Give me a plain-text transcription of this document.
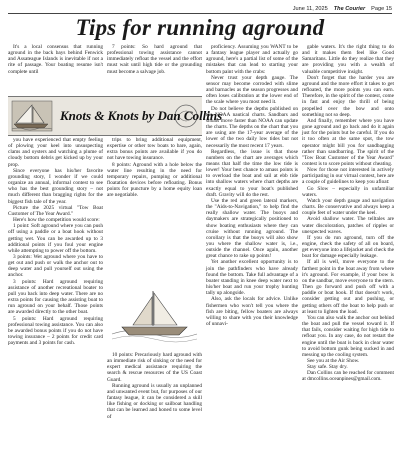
June 11, 2025 The Courier Page 15
Tips for running aground

It's a local consensus that running aground in the back bays behind Fenwick and Assateague Islands is inevitable if not a rite of passage. Your boating resume isn't complete until

7 points: So hard aground that professional towing assistance cannot immediately refloat the vessel and the effort must wait until high tide or the grounding must become a salvage job.

Knots & Knots by Dan Collins

you have experienced that empty feeling of plowing your keel into unsuspecting clams and oysters and watching a plume of cloudy bottom debris get kicked up by your prop.

Since everyone has his/her favorite grounding story, I wonder if we could organize an annual, informal contest to see who has the best grounding story – not much different than bragging rights for the biggest fish tale of the year.

Picture the 2025 virtual "Tow Boat Customer of The Year Award."

Here's how the competition would score:

1 point: Soft aground where you can push off using a paddle or a boat hook without getting wet. You can be awarded up to 3 additional points if you foul your engine while attempting to power off the bottom.

3 points: Wet aground where you have to get out and push or walk the anchor out to deep water and pull yourself out using the anchor.

3 points: Hard aground requiring assistance of another recreational boater to pull you back into deep water. There are no extra points for causing the assisting boat to run aground on your behalf. Those points are awarded directly to the other boat.

5 points: Hard aground requiring professional towing assistance. You can also be awarded bonus points if you do not have towing insurance – 2 points for credit card payments and 3 points for cash.

trips to bring additional equipment, expertise or other tow boats to bare, again, extra bonus points are available if you do not have towing insurance.

8 points: Aground with a hole below the water line resulting in the need for temporary repairs, pumping or additional floatation devices before refloating. Bonus points for puncture by a home equity loan are negotiable.

10 points: Precariously hard aground with an immediate risk of sinking or the need for expert medical assistance requiring the search & rescue resources of the US Coast Guard.

Running aground is usually an unplanned and unwanted event but, for purposes of our fantasy league, it can be considered a skill like fishing or docking or sailboat handling that can be learned and honed to some level of

proficiency. Assuming you WANT to be a fantasy league player and actually go aground, here's a partial list of some of the mistakes that can lead to starting your bottom paint with the crabs:

Never trust your depth gauge. The sensor may become corroded with slime and barnacles as the season progresses and often loses calibration at the lower end of the scale where you most need it.

Do not believe the depths published on the NOAA nautical charts. Sandbars and shoals move faster than NOAA can update the charts. The depths on the chart that you are using are the 17-year average of the lower of the two daily low tides but not necessarily the most recent 17 years.

Regardless, the issue is that those numbers on the chart are averages which means that half the time the low tide is lower! Your best chance to amass points is to overload the boat and sail at ebb tide into shallow waters where chart depths are exactly equal to your boat's published draft. Gravity will do the rest.

Use the red and green lateral markers, the "Aids-to-Navigation," to help find the really shallow water. The buoys and daymakers are strategically positioned to show boating enthusiasts where they can cruise without running aground. The corollary is that the buoys will also show you where the shallow water is, i.e., outside the channel. Once again, another great chance to rake up points!

Yet another excellent opportunity is to join the pathfinders who have already found the bottom. Take full advantage of a boater standing in knee deep water next to his/her boat and run your trophy hunting tally up alongside.

Also, ask the locals for advice. Unlike fishermen who won't tell you where the fish are biting, fellow boaters are always willing to share with you their knowledge of unnavi-

gable waters. It's the right thing to do and it makes them feel like Good Samaritans. Little do they realize that they are providing you with a wealth of valuable competitive insight.

Don't forget that the harder you are aground and the more effort it takes to get refloated, the more points you can earn. Therefore, in the spirit of the contest, come in fast and enjoy the thrill of being propelled over the bow and onto something not so deep.

And finally, remember where you have gone aground and go back and do it again just for the points but be careful. If you do it too often at the same spot, the tow operator might bill you for sandbagging rather than sandbarring. The spirit of the "Tow Boat Customer of the Year Award" contest is to score points without cheating.

Now for those not interested in actively participating in our virtual contest, here are a couple of guidelines to keep you afloat:

Go Slow – especially in unfamiliar waters.

Watch your depth gauge and navigation charts. Be conservative and always keep a couple feet of water under the keel.

Avoid shallow water. The telltales are water discoloration, patches of ripples or unexpected waves.

If you do run aground, turn off the engine, check the safety of all on board, get everyone into a lifejacket and check the boat for damage especially leakage.

If all is well, move everyone to the farthest point in the boat away from where it's aground. For example, if your bow is on the sandbar, move everyone to the stern. Then go forward and push off with a paddle or boat hook. If that doesn't work, consider getting out and pushing, or getting others off the boat to help push or at least to lighten the load.

You can also walk the anchor out behind the boat and pull the vessel toward it. If that fails, consider waiting for high tide to refloat you. In any case, do not restart the engine until the boat is back in clear water to avoid bottom gunk being sucked in and messing up the cooling system.

See you at the Air Show.

Stay safe. Stay dry.

Dan Collins can be reached for comment at dmcollins.oceanpines@gmail.com.
